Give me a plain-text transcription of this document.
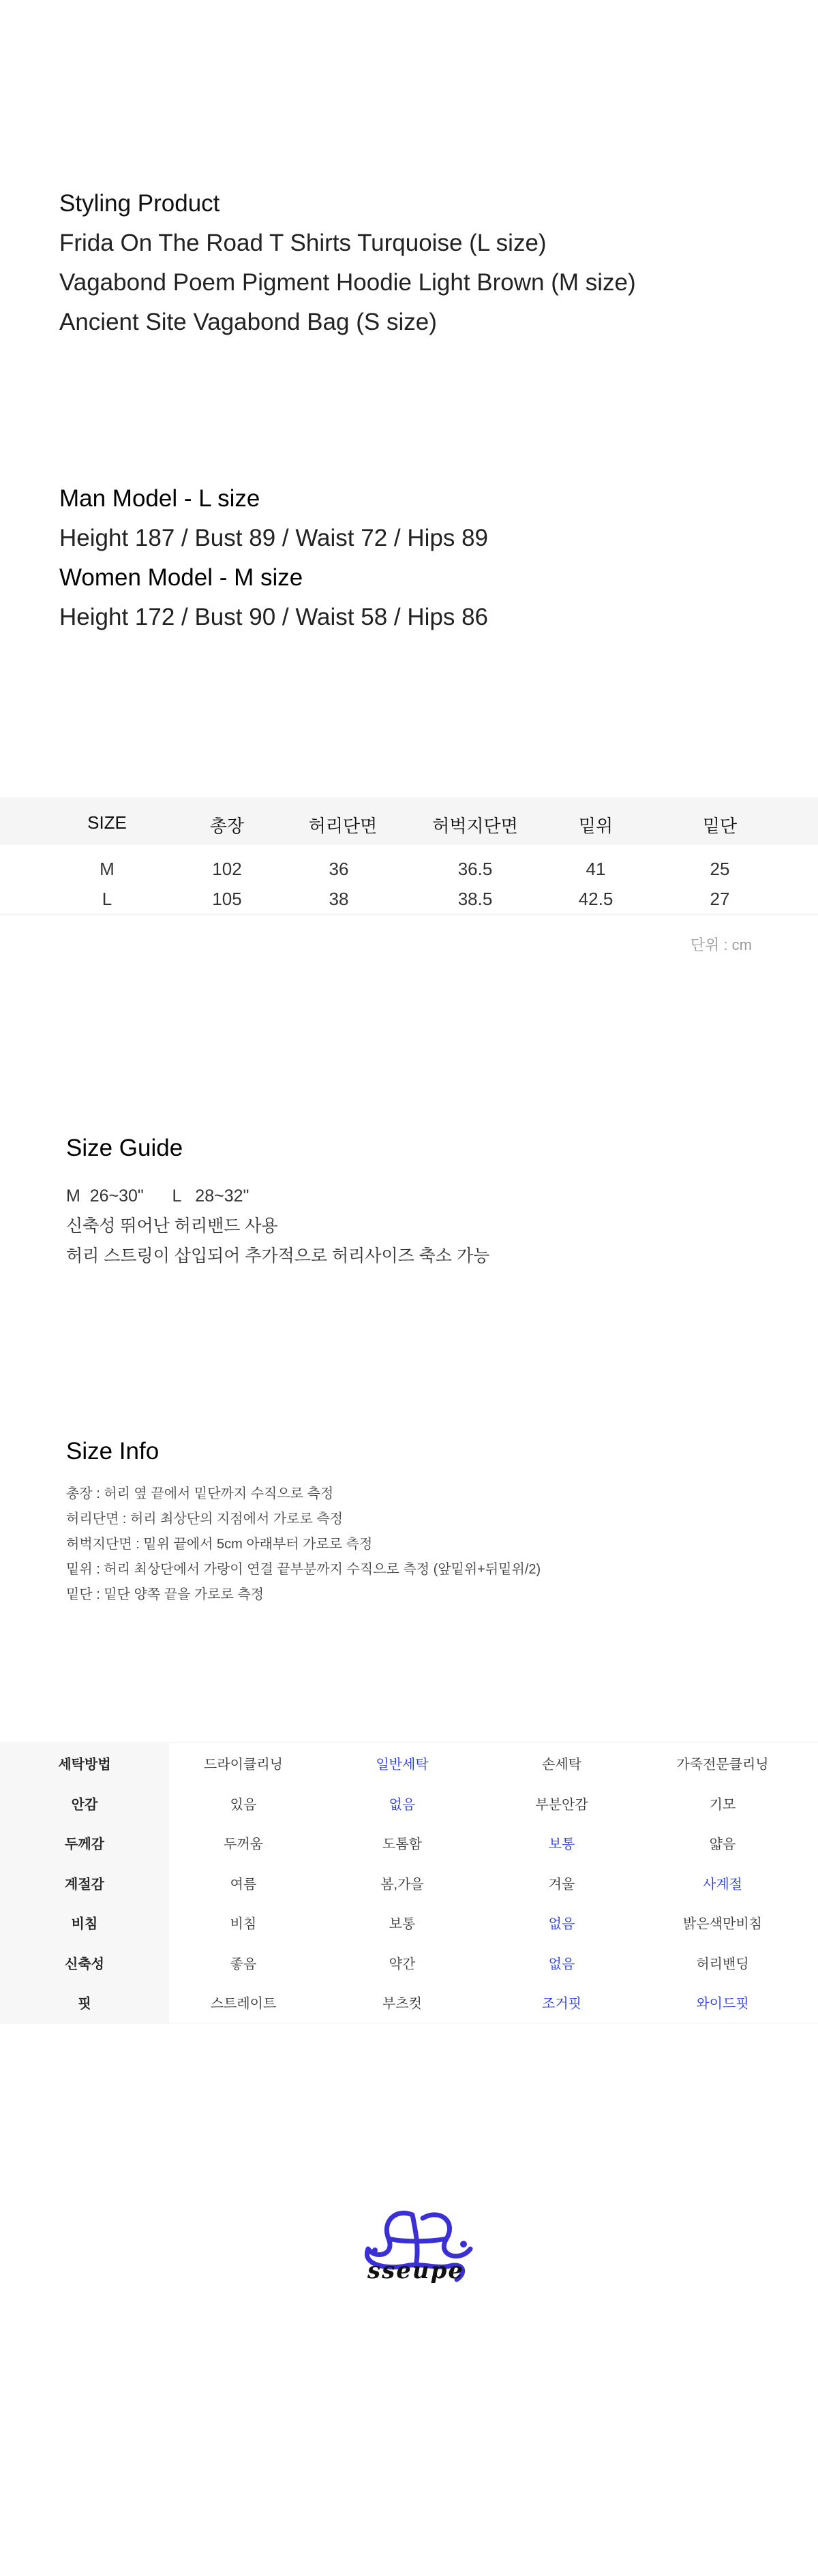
Styling Product
Frida On The Road T Shirts Turquoise (L size)
Vagabond Poem Pigment Hoodie Light Brown (M size)
Ancient Site Vagabond Bag (S size)
Man Model - L size
Height 187 / Bust 89 / Waist 72 / Hips 89
Women Model - M size
Height 172 / Bust 90 / Waist 58 / Hips 86
SIZE	총장	허리단면	허벅지단면	밑위	밑단
M	102	36	36.5	41	25
L	105	38	38.5	42.5	27
단위 : cm
Size Guide
M  26~30"      L   28~32"
신축성 뛰어난 허리밴드 사용
허리 스트링이 삽입되어 추가적으로 허리사이즈 축소 가능
Size Info
총장 : 허리 옆 끝에서 밑단까지 수직으로 측정
허리단면 : 허리 최상단의 지점에서 가로로 측정
허벅지단면 : 밑위 끝에서 5cm 아래부터 가로로 측정
밑위 : 허리 최상단에서 가랑이 연결 끝부분까지 수직으로 측정 (앞밑위+뒤밑위/2)
밑단 : 밑단 양쪽 끝을 가로로 측정
세탁방법	드라이클리닝	일반세탁	손세탁	가죽전문클리닝
안감	있음	없음	부분안감	기모
두께감	두꺼움	도톰함	보통	얇음
계절감	여름	봄,가을	겨울	사계절
비침	비침	보통	없음	밝은색만비침
신축성	좋음	약간	없음	허리밴딩
핏	스트레이트	부츠컷	조거핏	와이드핏
sseupe
